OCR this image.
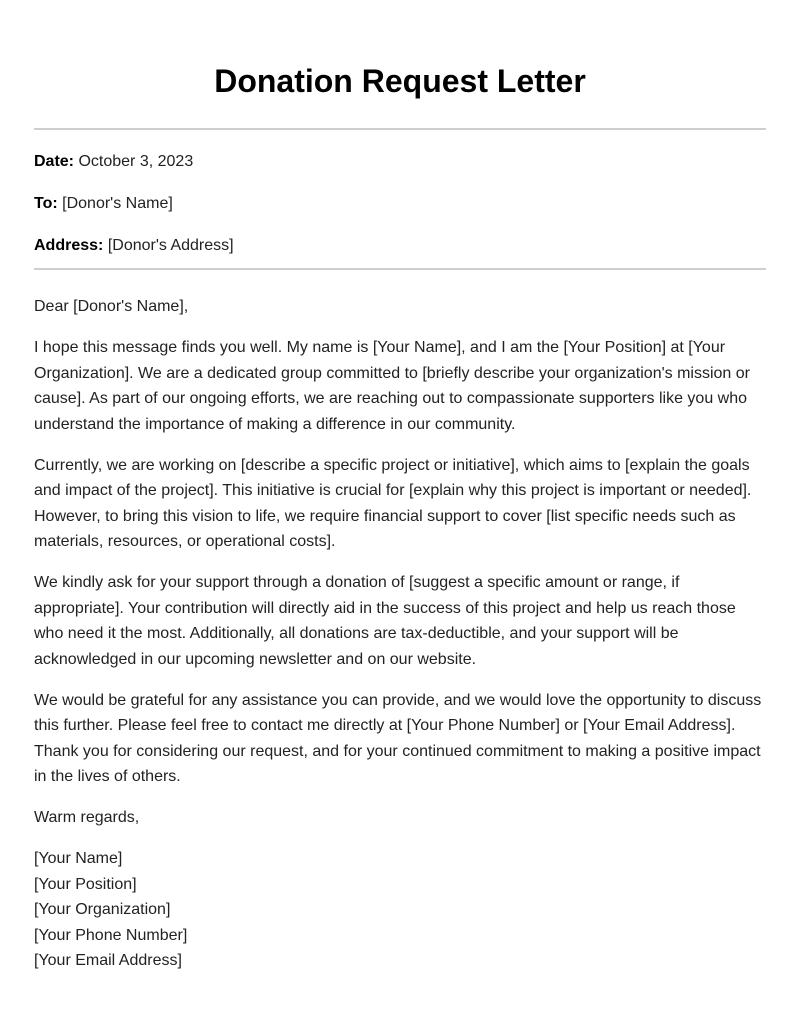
Donation Request Letter
Date: October 3, 2023
To: [Donor's Name]
Address: [Donor's Address]

Dear [Donor's Name],

I hope this message finds you well. My name is [Your Name], and I am the [Your Position] at [Your Organization]. We are a dedicated group committed to [briefly describe your organization's mission or cause]. As part of our ongoing efforts, we are reaching out to compassionate supporters like you who understand the importance of making a difference in our community.

Currently, we are working on [describe a specific project or initiative], which aims to [explain the goals and impact of the project]. This initiative is crucial for [explain why this project is important or needed]. However, to bring this vision to life, we require financial support to cover [list specific needs such as materials, resources, or operational costs].

We kindly ask for your support through a donation of [suggest a specific amount or range, if appropriate]. Your contribution will directly aid in the success of this project and help us reach those who need it the most. Additionally, all donations are tax-deductible, and your support will be acknowledged in our upcoming newsletter and on our website.

We would be grateful for any assistance you can provide, and we would love the opportunity to discuss this further. Please feel free to contact me directly at [Your Phone Number] or [Your Email Address]. Thank you for considering our request, and for your continued commitment to making a positive impact in the lives of others.

Warm regards,

[Your Name]
[Your Position]
[Your Organization]
[Your Phone Number]
[Your Email Address]
